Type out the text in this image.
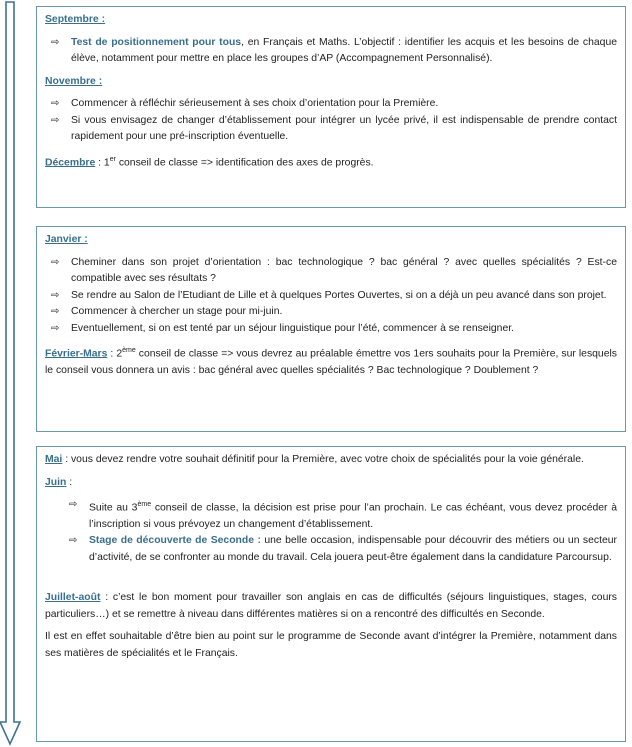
Septembre :

⇨ Test de positionnement pour tous, en Français et Maths. L’objectif : identifier les acquis et les besoins de chaque élève, notamment pour mettre en place les groupes d’AP (Accompagnement Personnalisé).

Novembre :

⇨ Commencer à réfléchir sérieusement à ses choix d’orientation pour la Première.
⇨ Si vous envisagez de changer d’établissement pour intégrer un lycée privé, il est indispensable de prendre contact rapidement pour une pré-inscription éventuelle.

Décembre : 1er conseil de classe => identification des axes de progrès.

Janvier :

⇨ Cheminer dans son projet d’orientation : bac technologique ? bac général ? avec quelles spécialités ? Est-ce compatible avec ses résultats ?
⇨ Se rendre au Salon de l’Etudiant de Lille et à quelques Portes Ouvertes, si on a déjà un peu avancé dans son projet.
⇨ Commencer à chercher un stage pour mi-juin.
⇨ Eventuellement, si on est tenté par un séjour linguistique pour l’été, commencer à se renseigner.

Février-Mars : 2ème conseil de classe => vous devrez au préalable émettre vos 1ers souhaits pour la Première, sur lesquels le conseil vous donnera un avis : bac général avec quelles spécialités ? Bac technologique ? Doublement ?

Mai : vous devez rendre votre souhait définitif pour la Première, avec votre choix de spécialités pour la voie générale.

Juin :

⇨ Suite au 3ème conseil de classe, la décision est prise pour l’an prochain. Le cas échéant, vous devez procéder à l’inscription si vous prévoyez un changement d’établissement.
⇨ Stage de découverte de Seconde : une belle occasion, indispensable pour découvrir des métiers ou un secteur d’activité, de se confronter au monde du travail. Cela jouera peut-être également dans la candidature Parcoursup.

Juillet-août : c’est le bon moment pour travailler son anglais en cas de difficultés (séjours linguistiques, stages, cours particuliers…) et se remettre à niveau dans différentes matières si on a rencontré des difficultés en Seconde.

Il est en effet souhaitable d’être bien au point sur le programme de Seconde avant d’intégrer la Première, notamment dans ses matières de spécialités et le Français.
